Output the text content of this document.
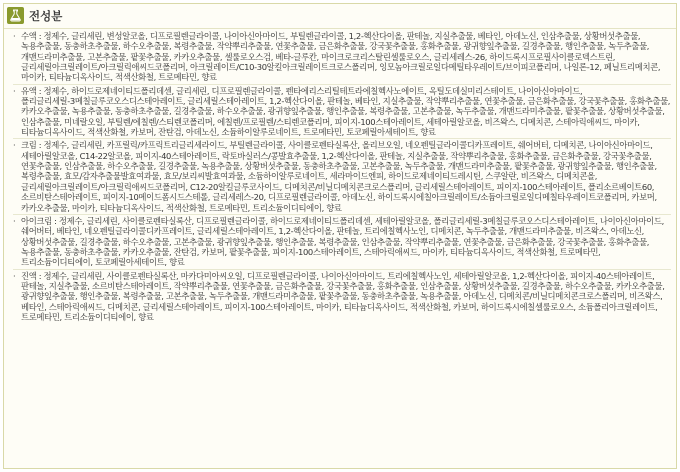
전성분
· 수액 : 정제수, 글리세린, 변성알코올, 디프로필렌글라이콜, 나이아신아마이드, 부틸렌글라이콜, 1,2-헥산다이올, 판테놀, 지실추출물, 베타인, 아데노신, 인삼추출물, 상황버섯추출물, 녹용추출물, 동충하초추출물, 하수오추출물, 복령추출물, 작약뿌리추출물, 연꽃추출물, 금은화추출물, 강국꽃추출물, 홍화추출물, 광귀향잎추출물, 길경추출물, 행인추출물, 녹두추출물, 개맨드라미추출물, 고본추출물, 팥꽃추출물, 카카오추출물, 셀룰로오스검, 베타-글루칸, 마이크로크리스탈린셀룰로오스, 글리세레스-26, 하이드록시프로필사이클로덱스트린, 글리세릴아크릴레이트/아크릴릭애씨드코폴리머, 아크릴레이트/C10-30알킬아크릴레이트크로스폴리머, 잉모놈아크릴로일다메틸타우레이트/브이피코폴리머, 나일론-12, 페닐트리메치콘, 마이카, 티타늄디옥사이드, 적색산화철, 트로메타민, 향료
· 유액 : 정제수, 하이드로제네이티드폴리데센, 글리세린, 디프로필렌글라이콜, 펜타에리스리틸테트라에칠헥사노에이트, 옥틸도데실미리스테이트, 나이아신아마이드, 폴리글리세릴-3메칠글루코오스디스테아레이트, 글리세릴스테아레이트, 1,2-헥산다이올, 판테놀, 베타인, 지실추출물, 작약뿌리추출물, 연꽃추출물, 금은화추출물, 강국꽃추출물, 홍화추출물, 카카오추출물, 녹용추출물, 동충하초추출물, 길경추출물, 하수오추출물, 광귀향잎추출물, 행인추출물, 복령추출물, 고본추출물, 녹두추출물, 개맨드라미추출물, 팥꽃추출물, 상황버섯추출물, 인삼추출물, 미네랄오일, 부틸렌/에칠렌/스티렌코폴리머, 에칠렌/프로필렌/스티렌코폴리머, 피이지-100스테아레이트, 세테아릴알코올, 비즈왁스, 디메치콘, 스테아릭애씨드, 마이카, 티타늄디옥사이드, 적색산화철, 카보머, 잔탄검, 아데노신, 소듐하이알루로네이트, 트로메타민, 토코페릴아세테이트, 향료
· 크림 : 정제수, 글리세린, 카프릴릭/카프릭트리글리세라이드, 부틸렌글라이콜, 사이클로펜타실록산, 올리브오일, 네오펜틸글라이콜디카프레이트, 쉐어버터, 디메치콘, 나이아신아마이드, 세테아릴알코올, C14-22알코올, 피이지-40스테아레이트, 락토바실러스/콩발효추출물, 1,2-헥산다이올, 판테놀, 지실추출물, 작약뿌리추출물, 홍화추출물, 금은화추출물, 강국꽃추출물, 연꽃추출물, 인삼추출물, 하수오추출물, 길경추출물, 녹용추출물, 상황버섯추출물, 동충하초추출물, 고본추출물, 녹두추출물, 개맨드라미추출물, 팥꽃추출물, 광귀향잎추출물, 행인추출물, 복령추출물, 효모/감자추출물발효여과물, 효모/보리씨발효여과물, 소듐하이알루로네이트, 세라마이드엔피, 하이드로제네이티드레시틴, 스쿠알란, 비즈왁스, 디메치콘올, 글리세릴아크릴레이트/아크릴릭애씨드코폴리머, C12-20알킬글루코사이드, 디메치콘/비닐디메치콘크로스폴리머, 글리세릴스테아레이트, 피이지-100스테아레이트, 폴리소르베이트60, 소르비탄스테아레이트, 피이지-10메이드폼시드스테롤, 글리세레스-20, 디프로필렌글라이콜, 아데노신, 하이드록시에칠아크릴레이트/소듐아크릴로일디메칠타우레이트코폴리머, 카보머, 카카오추출물, 마이카, 티타늄디옥사이드, 적색산화철, 트로메타민, 트리소듐이디티에이, 향료
· 아이크림 : 정제수, 글리세린, 사이클로펜타실록산, 디프로필렌글라이콜, 하이드로제네이티드폴리데센, 세테아릴알코올, 폴리글리세릴-3메칠글루코오스디스테아레이트, 나이아신아마이드, 쉐어버터, 베타인, 네오펜틸글라이콜디카프레이트, 글리세릴스테아레이트, 1,2-헥산다이올, 판테놀, 트리에칠헥사노인, 디메치콘, 녹두추출물, 개맨드라미추출물, 비즈왁스, 아데노신, 상황버섯추출물, 길경추출물, 하수오추출물, 고본추출물, 광귀향잎추출물, 행인추출물, 복령추출물, 인삼추출물, 작약뿌리추출물, 연꽃추출물, 금은화추출물, 강국꽃추출물, 홍화추출물, 녹용추출물, 동충하초추출물, 카카오추출물, 잔탄검, 카보머, 팥꽃추출물, 피이지-100스테아레이트, 스테아릭애씨드, 마이카, 티타늄디옥사이드, 적색산화철, 트로메타민, 트리소듐이디티에이, 토코페릴아세테이트, 향료
· 진액 : 정제수, 글리세린, 사이클로펜타실록산, 마카다미아씨오일, 디프로필렌글라이콜, 나이아신아마이드, 트리에칠헥사노인, 세테아릴알코올, 1,2-헥산다이올, 피이지-40스테아레이트, 판테놀, 지실추출물, 소르비탄스테아레이트, 작약뿌리추출물, 연꽃추출물, 금은화추출물, 강국꽃추출물, 홍화추출물, 인삼추출물, 상황버섯추출물, 길경추출물, 하수오추출물, 카카오추출물, 광귀향잎추출물, 행인추출물, 복령추출물, 고본추출물, 녹두추출물, 개맨드라미추출물, 팥꽃추출물, 동충하초추출물, 녹용추출물, 아데노신, 디메치콘/비닐디메치콘크로스폴리머, 비즈왁스, 베타인, 스테아릭애씨드, 디메치콘, 글리세릴스테아레이트, 피이지-100스테아레이트, 마이카, 티타늄디옥사이드, 적색산화철, 카보머, 하이드록시에칠셀룰로오스, 소듐폴리아크릴레이트, 트로메타민, 트리소듐이디티에이, 향료
